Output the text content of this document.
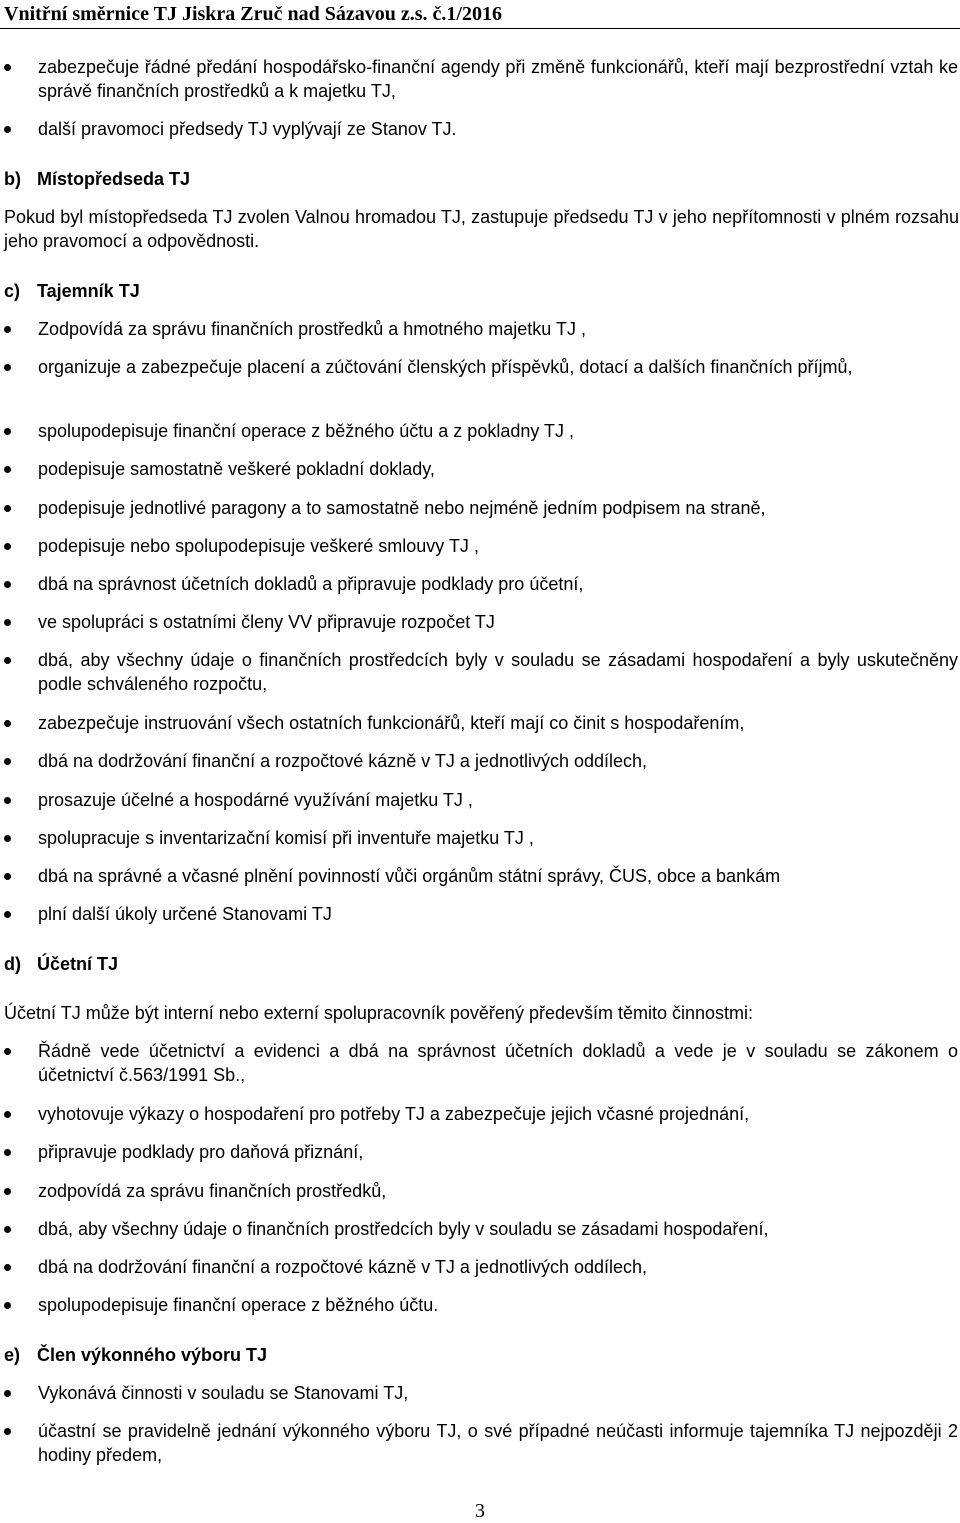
Vnitřní směrnice TJ Jiskra Zruč nad Sázavou z.s. č.1/2016
zabezpečuje řádné předání hospodářsko-finanční agendy při změně funkcionářů, kteří mají bezprostřední vztah ke správě finančních prostředků a k majetku TJ,
další pravomoci předsedy TJ vyplývají ze Stanov TJ.
b) Místopředseda TJ
Pokud byl místopředseda TJ zvolen Valnou hromadou TJ, zastupuje předsedu TJ v jeho nepřítomnosti v plném rozsahu jeho pravomocí a odpovědnosti.
c) Tajemník TJ
Zodpovídá za správu finančních prostředků a hmotného majetku TJ ,
organizuje a zabezpečuje placení a zúčtování členských příspěvků, dotací a dalších finančních příjmů,
spolupodepisuje finanční operace z běžného účtu a z pokladny TJ ,
podepisuje samostatně veškeré pokladní doklady,
podepisuje jednotlivé paragony a to samostatně nebo nejméně jedním podpisem na straně,
podepisuje nebo spolupodepisuje veškeré smlouvy TJ ,
dbá na správnost účetních dokladů a připravuje podklady pro účetní,
ve spolupráci s ostatními členy VV připravuje rozpočet TJ
dbá, aby všechny údaje o finančních prostředcích byly v souladu se zásadami hospodaření a byly uskutečněny podle schváleného rozpočtu,
zabezpečuje instruování všech ostatních funkcionářů, kteří mají co činit s hospodařením,
dbá na dodržování finanční a rozpočtové kázně v TJ a jednotlivých oddílech,
prosazuje účelné a hospodárné využívání majetku TJ ,
spolupracuje s inventarizační komisí při inventuře majetku TJ ,
dbá na správné a včasné plnění povinností vůči orgánům státní správy, ČUS, obce a bankám
plní další úkoly určené Stanovami TJ
d) Účetní TJ
Účetní TJ může být interní nebo externí spolupracovník pověřený především těmito činnostmi:
Řádně vede účetnictví a evidenci a dbá na správnost účetních dokladů a vede je v souladu se zákonem o účetnictví č.563/1991 Sb.,
vyhotovuje výkazy o hospodaření pro potřeby TJ a zabezpečuje jejich včasné projednání,
připravuje podklady pro daňová přiznání,
zodpovídá za správu finančních prostředků,
dbá, aby všechny údaje o finančních prostředcích byly v souladu se zásadami hospodaření,
dbá na dodržování finanční a rozpočtové kázně v TJ a jednotlivých oddílech,
spolupodepisuje finanční operace z běžného účtu.
e) Člen výkonného výboru TJ
Vykonává činnosti v souladu se Stanovami TJ,
účastní se pravidelně jednání výkonného výboru TJ, o své případné neúčasti informuje tajemníka TJ nejpozději 2 hodiny předem,
3
